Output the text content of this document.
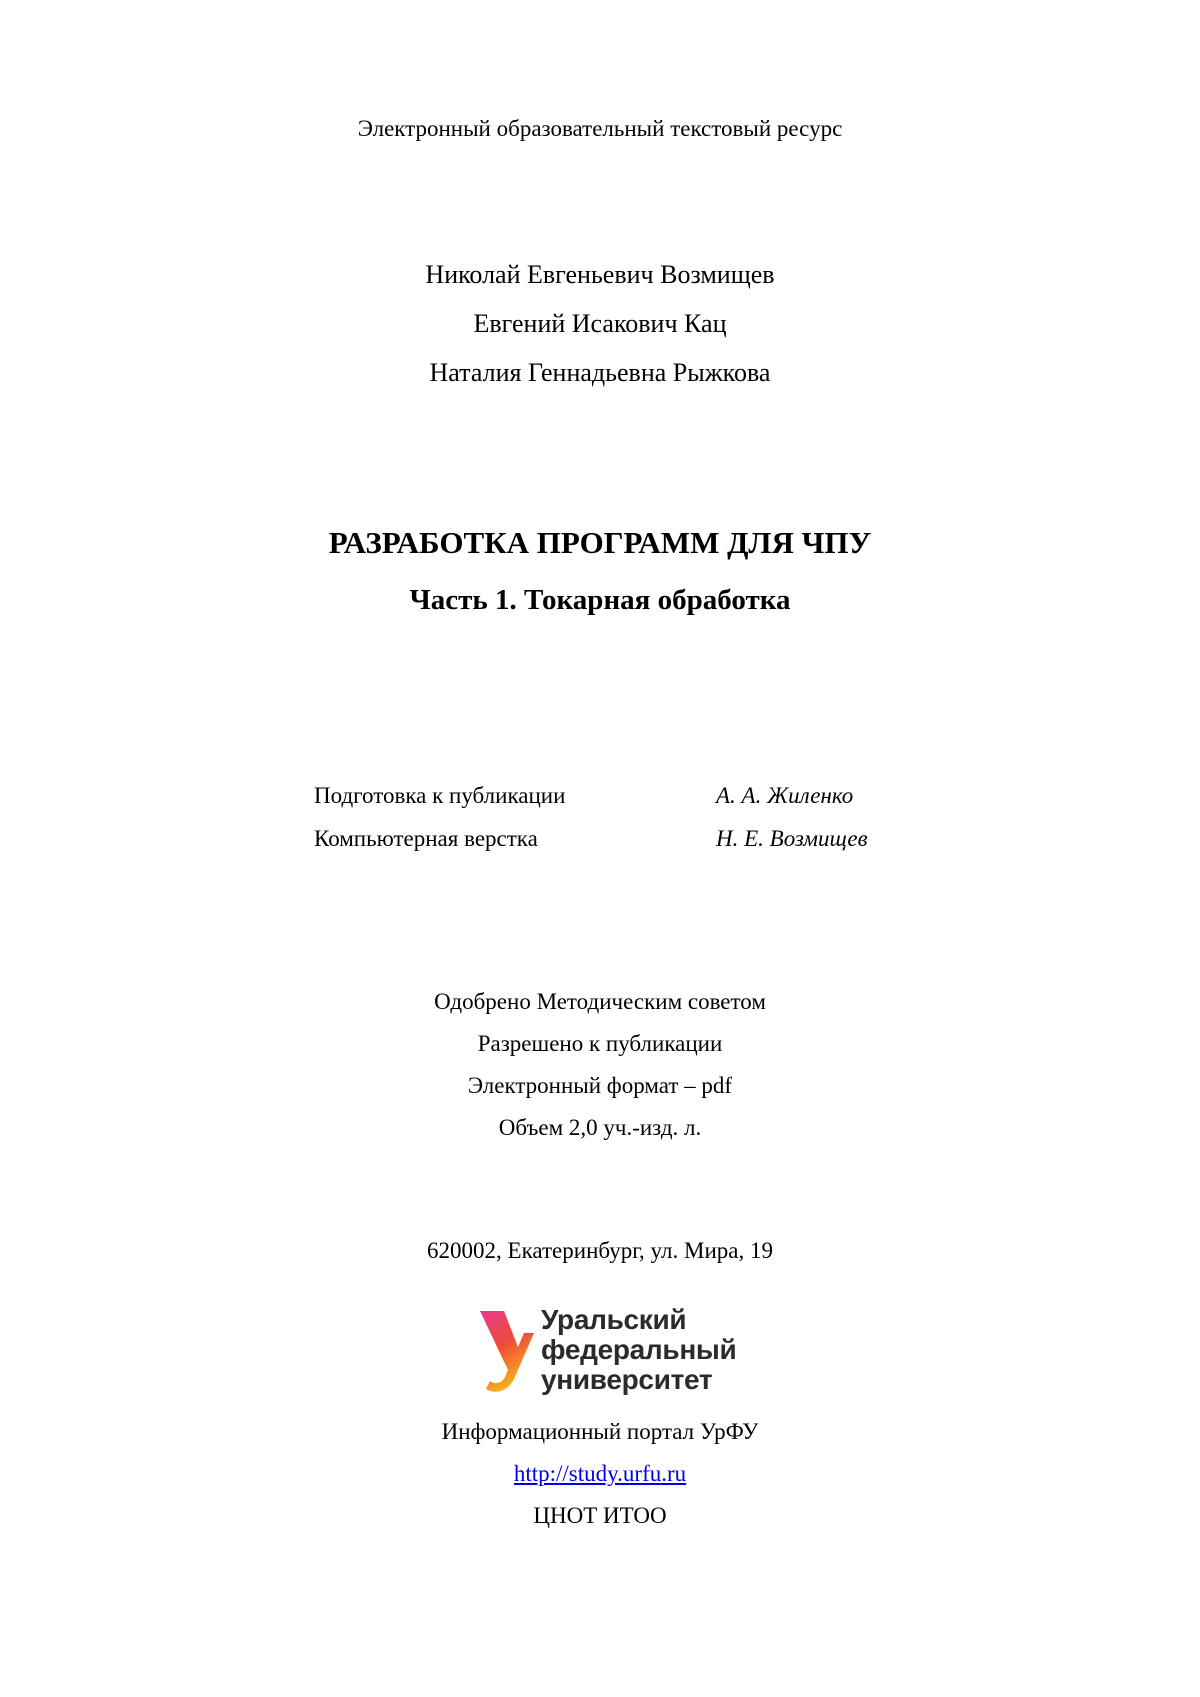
Электронный образовательный текстовый ресурс
Николай Евгеньевич Возмищев
Евгений Исакович Кац
Наталия Геннадьевна Рыжкова
РАЗРАБОТКА ПРОГРАММ ДЛЯ ЧПУ
Часть 1. Токарная обработка
Подготовка к публикации	А. А. Жиленко
Компьютерная верстка	Н. Е. Возмищев
Одобрено Методическим советом
Разрешено к публикации
Электронный формат – pdf
Объем 2,0 уч.-изд. л.
620002, Екатеринбург, ул. Мира, 19
Уральский
федеральный
университет
Информационный портал УрФУ
http://study.urfu.ru
ЦНОТ ИТОО
